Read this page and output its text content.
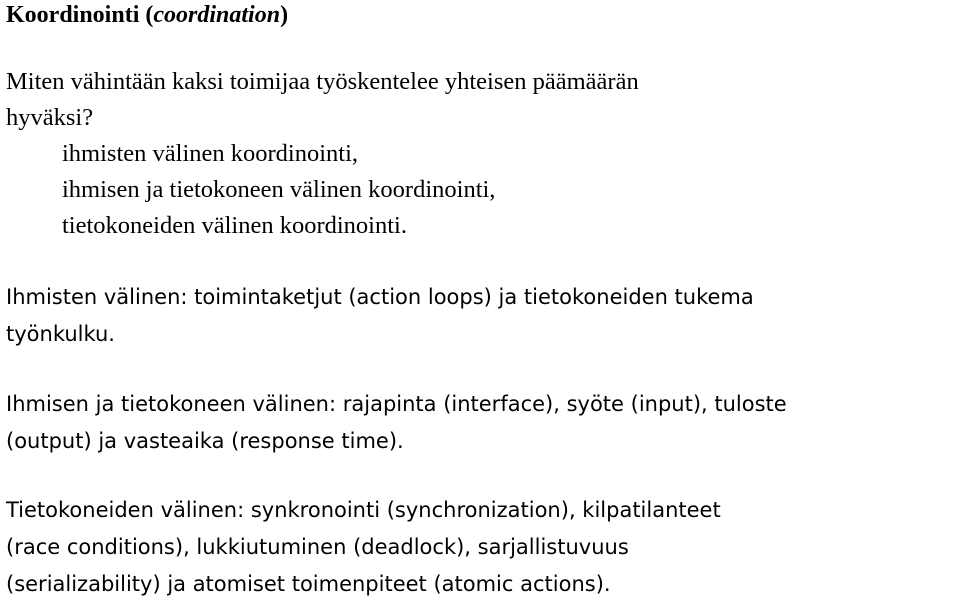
Koordinointi (coordination)
Miten vähintään kaksi toimijaa työskentelee yhteisen päämäärän
hyväksi?
ihmisten välinen koordinointi,
ihmisen ja tietokoneen välinen koordinointi,
tietokoneiden välinen koordinointi.
Ihmisten välinen: toimintaketjut (action loops) ja tietokoneiden tukema
työnkulku.
Ihmisen ja tietokoneen välinen: rajapinta (interface), syöte (input), tuloste
(output) ja vasteaika (response time).
Tietokoneiden välinen: synkronointi (synchronization), kilpatilanteet
(race conditions), lukkiutuminen (deadlock), sarjallistuvuus
(serializability) ja atomiset toimenpiteet (atomic actions).
